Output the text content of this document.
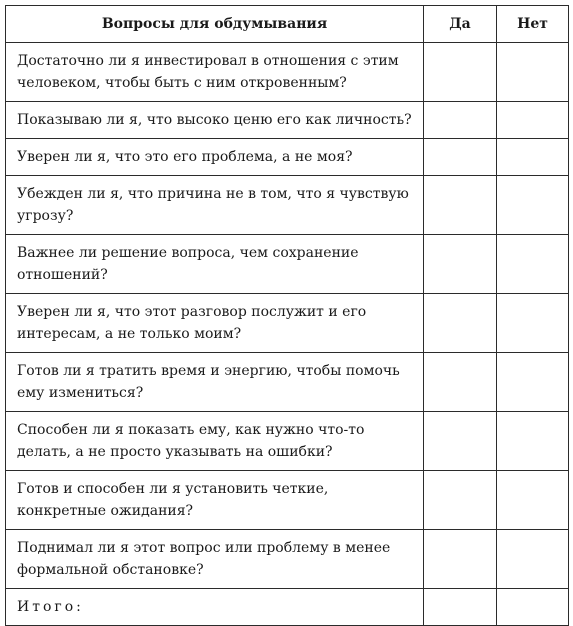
Вопросы для обдумывания	Да	Нет
Достаточно ли я инвестировал в отношения с этим человеком, чтобы быть с ним откровенным?		
Показываю ли я, что высоко ценю его как личность?		
Уверен ли я, что это его проблема, а не моя?		
Убежден ли я, что причина не в том, что я чувствую угрозу?		
Важнее ли решение вопроса, чем сохранение отношений?		
Уверен ли я, что этот разговор послужит и его интересам, а не только моим?		
Готов ли я тратить время и энергию, чтобы помочь ему измениться?		
Способен ли я показать ему, как нужно что-то делать, а не просто указывать на ошибки?		
Готов и способен ли я установить четкие, конкретные ожидания?		
Поднимал ли я этот вопрос или проблему в менее формальной обстановке?		
Итого:		
